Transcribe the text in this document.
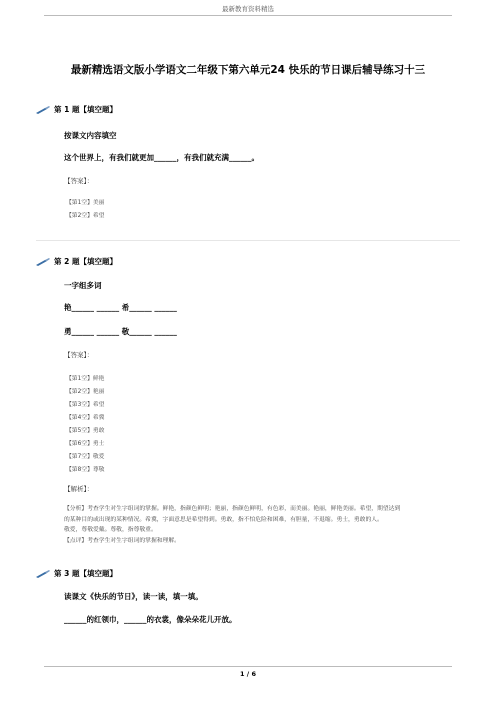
最新教育资料精选
最新精选语文版小学语文二年级下第六单元24 快乐的节日课后辅导练习十三
第 1 题【填空题】
按课文内容填空
这个世界上，有我们就更加______，有我们就充满______。
【答案】：
【第1空】美丽
【第2空】希望
第 2 题【填空题】
一字组多词
艳______ ______ 希______ ______
勇______ ______ 敬______ ______
【答案】：
【第1空】鲜艳
【第2空】艳丽
【第3空】希望
【第4空】希冀
【第5空】勇敢
【第6空】勇士
【第7空】敬爱
【第8空】尊敬
【解析】：
【分析】考查学生对生字组词的掌握。鲜艳，指颜色鲜明；艳丽，指颜色鲜明，有色彩，而美丽。艳丽，鲜艳美丽。希望，期望达到
的某种目的或出现的某种情况。希冀，字面意思是希望得到。勇敢，指不怕危险和困难，有胆量，不退缩。勇士，勇敢的人。
敬爱，尊敬爱戴。尊敬，指尊敬重。
【点评】考查学生对生字组词的掌握和理解。
第 3 题【填空题】
读课文《快乐的节日》，读一读，填一填。
______的红领巾，______的衣裳，像朵朵花儿开放。
1 / 6
